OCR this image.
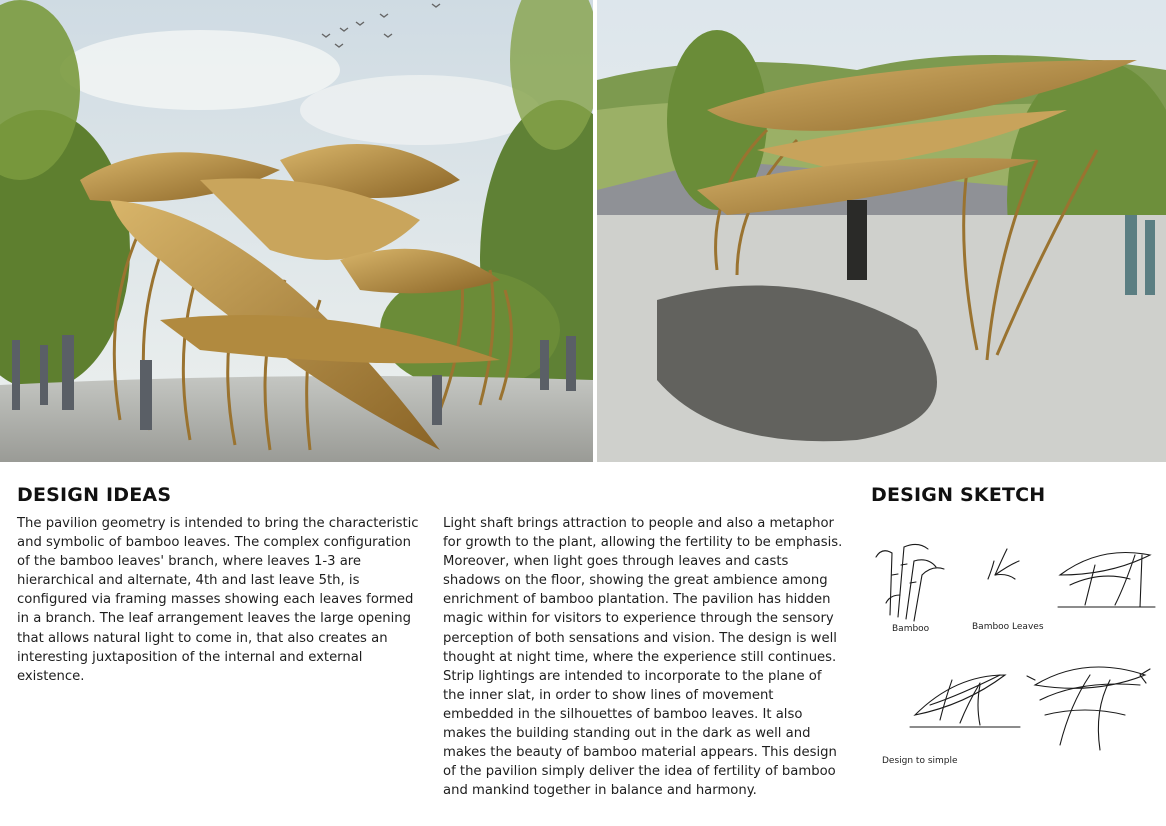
DESIGN IDEAS

The pavilion geometry is intended to bring the characteristic and symbolic of bamboo leaves. The complex configuration of the bamboo leaves' branch, where leaves 1-3 are hierarchical and alternate, 4th and last leave 5th, is configured via framing masses showing each leaves formed in a branch. The leaf arrangement leaves the large opening that allows natural light to come in, that also creates an interesting juxtaposition of the internal and external existence.

Light shaft brings attraction to people and also a metaphor for growth to the plant, allowing the fertility to be emphasis. Moreover, when light goes through leaves and casts shadows on the floor, showing the great ambience among enrichment of bamboo plantation. The pavilion has hidden magic within for visitors to experience through the sensory perception of both sensations and vision. The design is well thought at night time, where the experience still continues. Strip lightings are intended to incorporate to the plane of the inner slat, in order to show lines of movement embedded in the silhouettes of bamboo leaves. It also makes the building standing out in the dark as well and makes the beauty of bamboo material appears. This design of the pavilion simply deliver the idea of fertility of bamboo and mankind together in balance and harmony.

DESIGN SKETCH
Bamboo	Bamboo Leaves
Design to simple
